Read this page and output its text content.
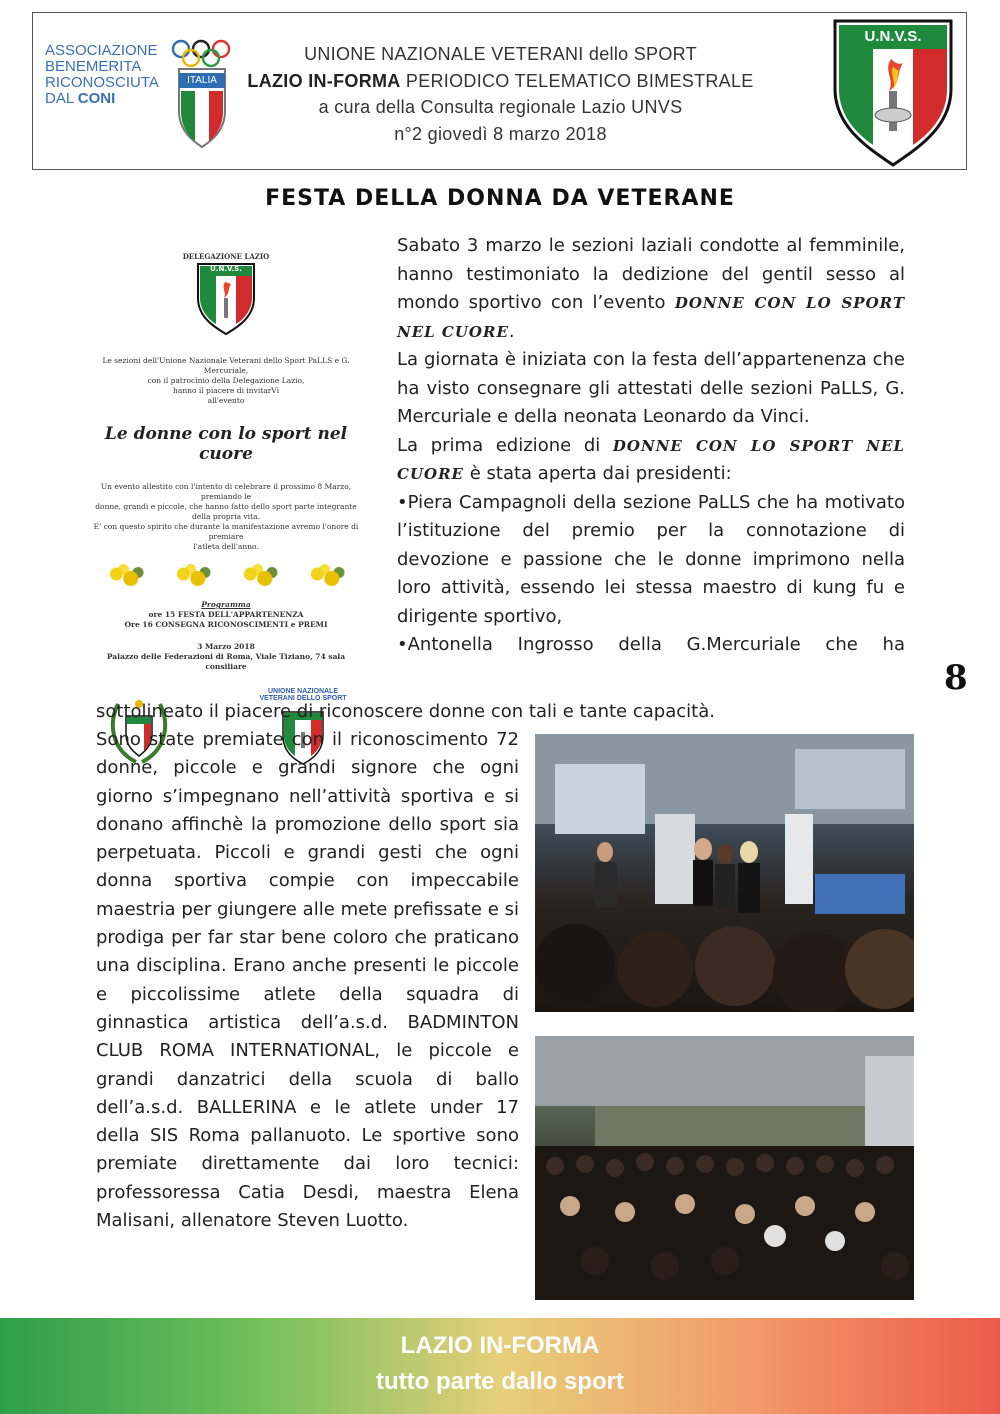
ASSOCIAZIONE
BENEMERITA
RICONOSCIUTA
DAL CONI
ITALIA
UNIONE NAZIONALE VETERANI dello SPORT
LAZIO IN-FORMA PERIODICO TELEMATICO BIMESTRALE
a cura della Consulta regionale Lazio UNVS
n°2 giovedì 8 marzo 2018
U.N.V.S.
FESTA DELLA DONNA DA VETERANE
DELEGAZIONE LAZIO
U.N.V.S.
Le sezioni dell'Unione Nazionale Veterani dello Sport PaLLS e G. Mercuriale,
con il patrocinio della Delegazione Lazio,
hanno il piacere di invitarVi
all'evento
Le donne con lo sport nel cuore
Un evento allestito con l'intento di celebrare il prossimo 8 Marzo, premiando le
donne, grandi e piccole, che hanno fatto dello sport parte integrante della propria vita.
E' con questo spirito che durante la manifestazione avremo l'onore di premiare
l'atleta dell'anno.
Programma
ore 15 FESTA DELL'APPARTENENZA
Ore 16 CONSEGNA RICONOSCIMENTI e PREMI
3 Marzo 2018
Palazzo delle Federazioni di Roma, Viale Tiziano, 74 sala consiliare
UNIONE NAZIONALE
VETERANI DELLO SPORT
Sabato 3 marzo le sezioni laziali condotte al femminile, hanno testimoniato la dedizione del gentil sesso al mondo sportivo con l’evento DONNE CON LO SPORT NEL CUORE.
La giornata è iniziata con la festa dell’appartenenza che ha visto consegnare gli attestati delle sezioni PaLLS, G. Mercuriale e della neonata Leonardo da Vinci.
La prima edizione di DONNE CON LO SPORT NEL CUORE è stata aperta dai presidenti:
•Piera Campagnoli della sezione PaLLS che ha motivato l’istituzione del premio per la connotazione di devozione e passione che le donne imprimono nella loro attività, essendo lei stessa maestro di kung fu e dirigente sportivo,
•Antonella Ingrosso della G.Mercuriale che ha
sottolineato il piacere di riconoscere donne con tali e tante capacità.
8
Sono state premiate con il riconoscimento 72 donne, piccole e grandi signore che ogni giorno s’impegnano nell’attività sportiva e si donano affinchè la promozione dello sport sia perpetuata. Piccoli e grandi gesti che ogni donna sportiva compie con impeccabile maestria per giungere alle mete prefissate e si prodiga per far star bene coloro che praticano una disciplina. Erano anche presenti le piccole e piccolissime atlete della squadra di ginnastica artistica dell’a.s.d. BADMINTON CLUB ROMA INTERNATIONAL, le piccole e grandi danzatrici della scuola di ballo dell’a.s.d. BALLERINA e le atlete under 17 della SIS Roma pallanuoto. Le sportive sono premiate direttamente dai loro tecnici: professoressa Catia Desdi, maestra Elena Malisani, allenatore Steven Luotto.
LAZIO IN-FORMA
tutto parte dallo sport
